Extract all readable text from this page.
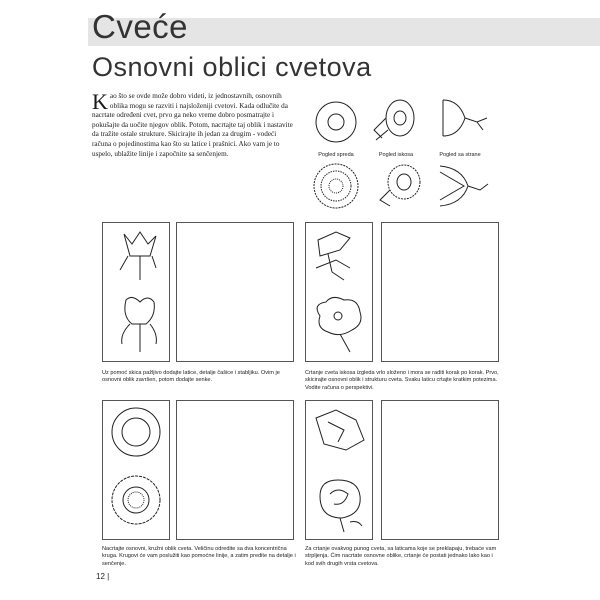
Cvеće
Osnovni oblici cvetova

Kao što se ovde može dobro videti, iz jednostavnih, osnovnih oblika mogu se razviti i najsloženiji cvetovi. Kada odlučite da nacrtate određeni cvet, prvo ga neko vreme dobro posmatrajte i pokušajte da uočite njegov oblik. Potom, nacrtajte taj oblik i nastavite da tražite ostale strukture. Skicirajte ih jedan za drugim - vodeći računa o pojedinostima kao što su latice i prašnici. Ako vam je to uspelo, ublažite linije i započnite sa senčenjem.	Pogled spreda	Pogled iskosa	Pogled sa strane

Uz pomoć skica pažljivo dodajte latice, detalje čašice i stabljiku. Ovim je osnovni oblik završen, potom dodajte senke.

Crtanje cveta iskosa izgleda vrlo složeno i mora se raditi korak po korak. Prvo, skicirajte osnovni oblik i strukturu cveta. Svaku laticu crtajte kratkim potezima. Vodite računa o perspektivi.

Nacrtajte osnovni, kružni oblik cveta. Veličinu odredite sa dva koncentrična kruga. Krugovi će vam poslužiti kao pomoćne linije, a zatim predite na detalje i senčenje.

Za crtanje ovakvog punog cveta, sa laticama koje se preklapaju, trebaće vam strpljenja. Ćim nacrtate osnovne oblike, crtanje će postati jednako lako kao i kod svih drugih vrsta cvetova.

12 |
